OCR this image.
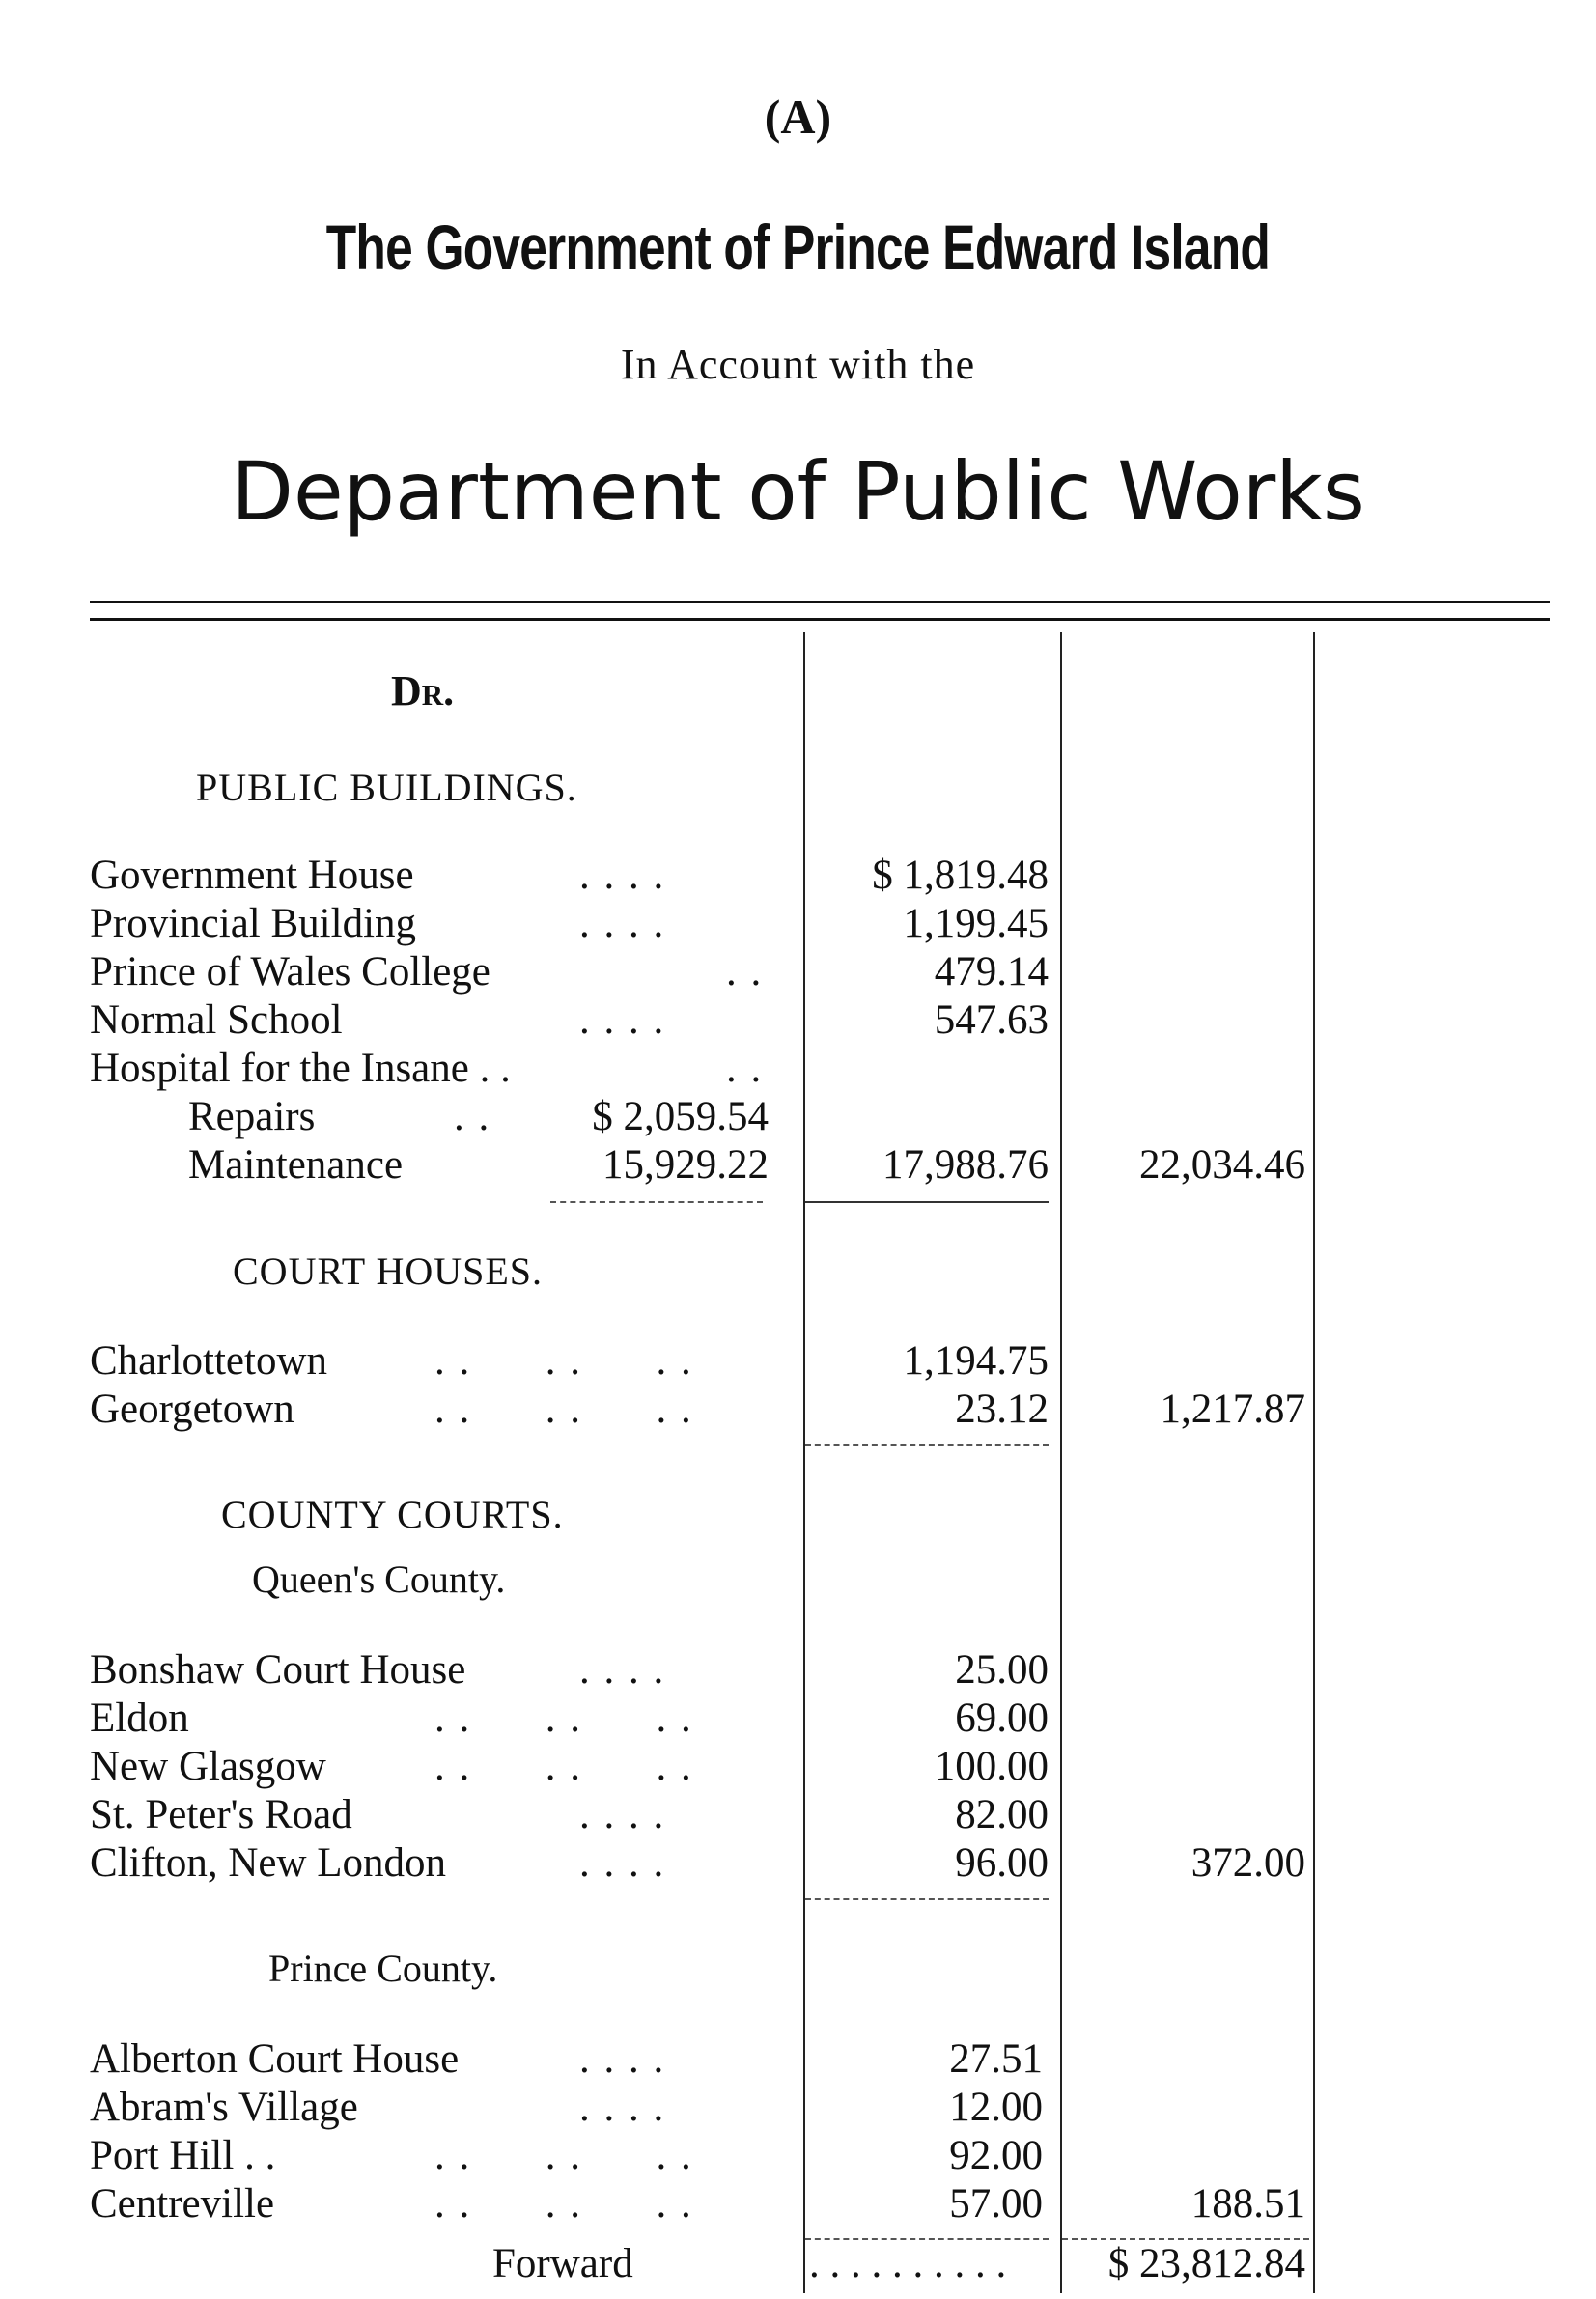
(A)
The Government of Prince Edward Island
In Account with the
Department of Public Works
Dr.
PUBLIC BUILDINGS.
Government House	. . . .	$ 1,819.48
Provincial Building	. . . .	1,199.45
Prince of Wales College	. .	479.14
Normal School	. . . .	547.63
Hospital for the Insane . .	. .
Repairs	. .	$ 2,059.54
Maintenance	15,929.22	17,988.76	22,034.46
COURT HOUSES.
Charlottetown	. .      . .      . .	1,194.75
Georgetown	. .      . .      . .	23.12	1,217.87
COUNTY COURTS.
Queen's County.
Bonshaw Court House	. . . .	25.00
Eldon	. .      . .      . .	69.00
New Glasgow	. .      . .      . .	100.00
St. Peter's Road	. . . .	82.00
Clifton, New London	. . . .	96.00	372.00
Prince County.
Alberton Court House	. . . .	27.51
Abram's Village	. . . .	12.00
Port Hill . .	. .      . .      . .	92.00
Centreville	. .      . .      . .	57.00	188.51
Forward	. . . . . . . . . .	$ 23,812.84
